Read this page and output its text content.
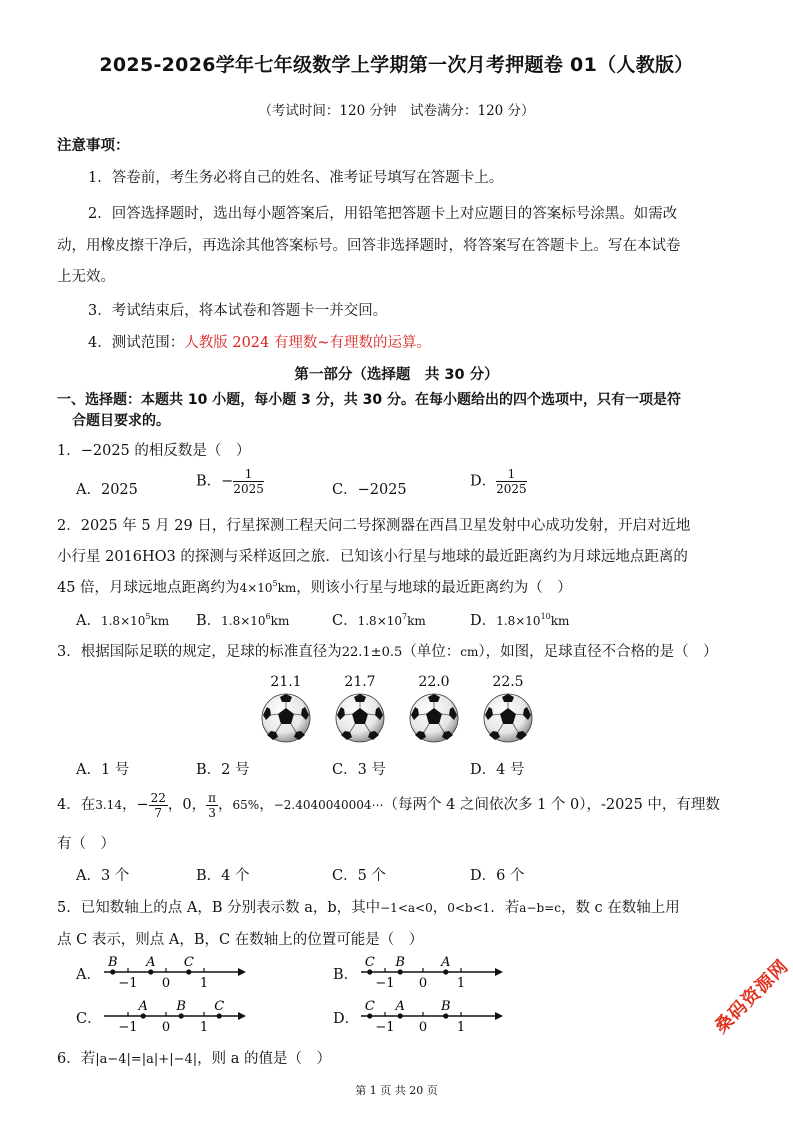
2025-2026学年七年级数学上学期第一次月考押题卷 01（人教版）
（考试时间：120 分钟　试卷满分：120 分）
注意事项：
1．答卷前，考生务必将自己的姓名、准考证号填写在答题卡上。
2．回答选择题时，选出每小题答案后，用铅笔把答题卡上对应题目的答案标号涂黑。如需改
动，用橡皮擦干净后，再选涂其他答案标号。回答非选择题时，将答案写在答题卡上。写在本试卷
上无效。
3．考试结束后，将本试卷和答题卡一并交回。
4．测试范围：人教版 2024 有理数~有理数的运算。
第一部分（选择题　共 30 分）
一、选择题：本题共 10 小题，每小题 3 分，共 30 分。在每小题给出的四个选项中，只有一项是符
合题目要求的。
1．−2025 的相反数是（　）
A．2025
B．− $\frac{1}{2025}$	C．−2025
D． $\frac{1}{2025}$
2．2025 年 5 月 29 日，行星探测工程天问二号探测器在西昌卫星发射中心成功发射，开启对近地
小行星 2016HO3 的探测与采样返回之旅．已知该小行星与地球的最近距离约为月球远地点距离的
45 倍，月球远地点距离约为$4\times 10^5km$，则该小行星与地球的最近距离约为（　）
A．$1.8\times 10^5km$ B．$1.8\times 10^6km$	C．$1.8\times 10^7km$	D．$1.8\times 10^{10}km$
3．根据国际足联的规定，足球的标准直径为22.1±0.5（单位：cm），如图，足球直径不合格的是（　）
21.1	21.7	22.0	22.5
A．1 号	B．2 号	C．3 号	D．4 号
4．在3.14，− $\frac{22}{7}$ ，0， $\frac{\pi}{3}$ ，65%，−2.4040040004⋯（每两个 4 之间依次多 1 个 0），-2025 中，有理数
有（　）
A．3 个	B．4 个	C．5 个	D．6 个
5．已知数轴上的点 A，B 分别表示数 a，b，其中−1<a<0，0<b<1．若a−b=c，数 c 在数轴上用
点 C 表示，则点 A，B，C 在数轴上的位置可能是（　）
A．	B．
C．	D．
−1 0 1
B A C
−1 0 1
C B	A
−1 0 1
A B C
−1 0 1
C A	B
6．若|a−4|=|a|+|−4|，则 a 的值是（　）
第 1 页 共 20 页
桑码资源网
